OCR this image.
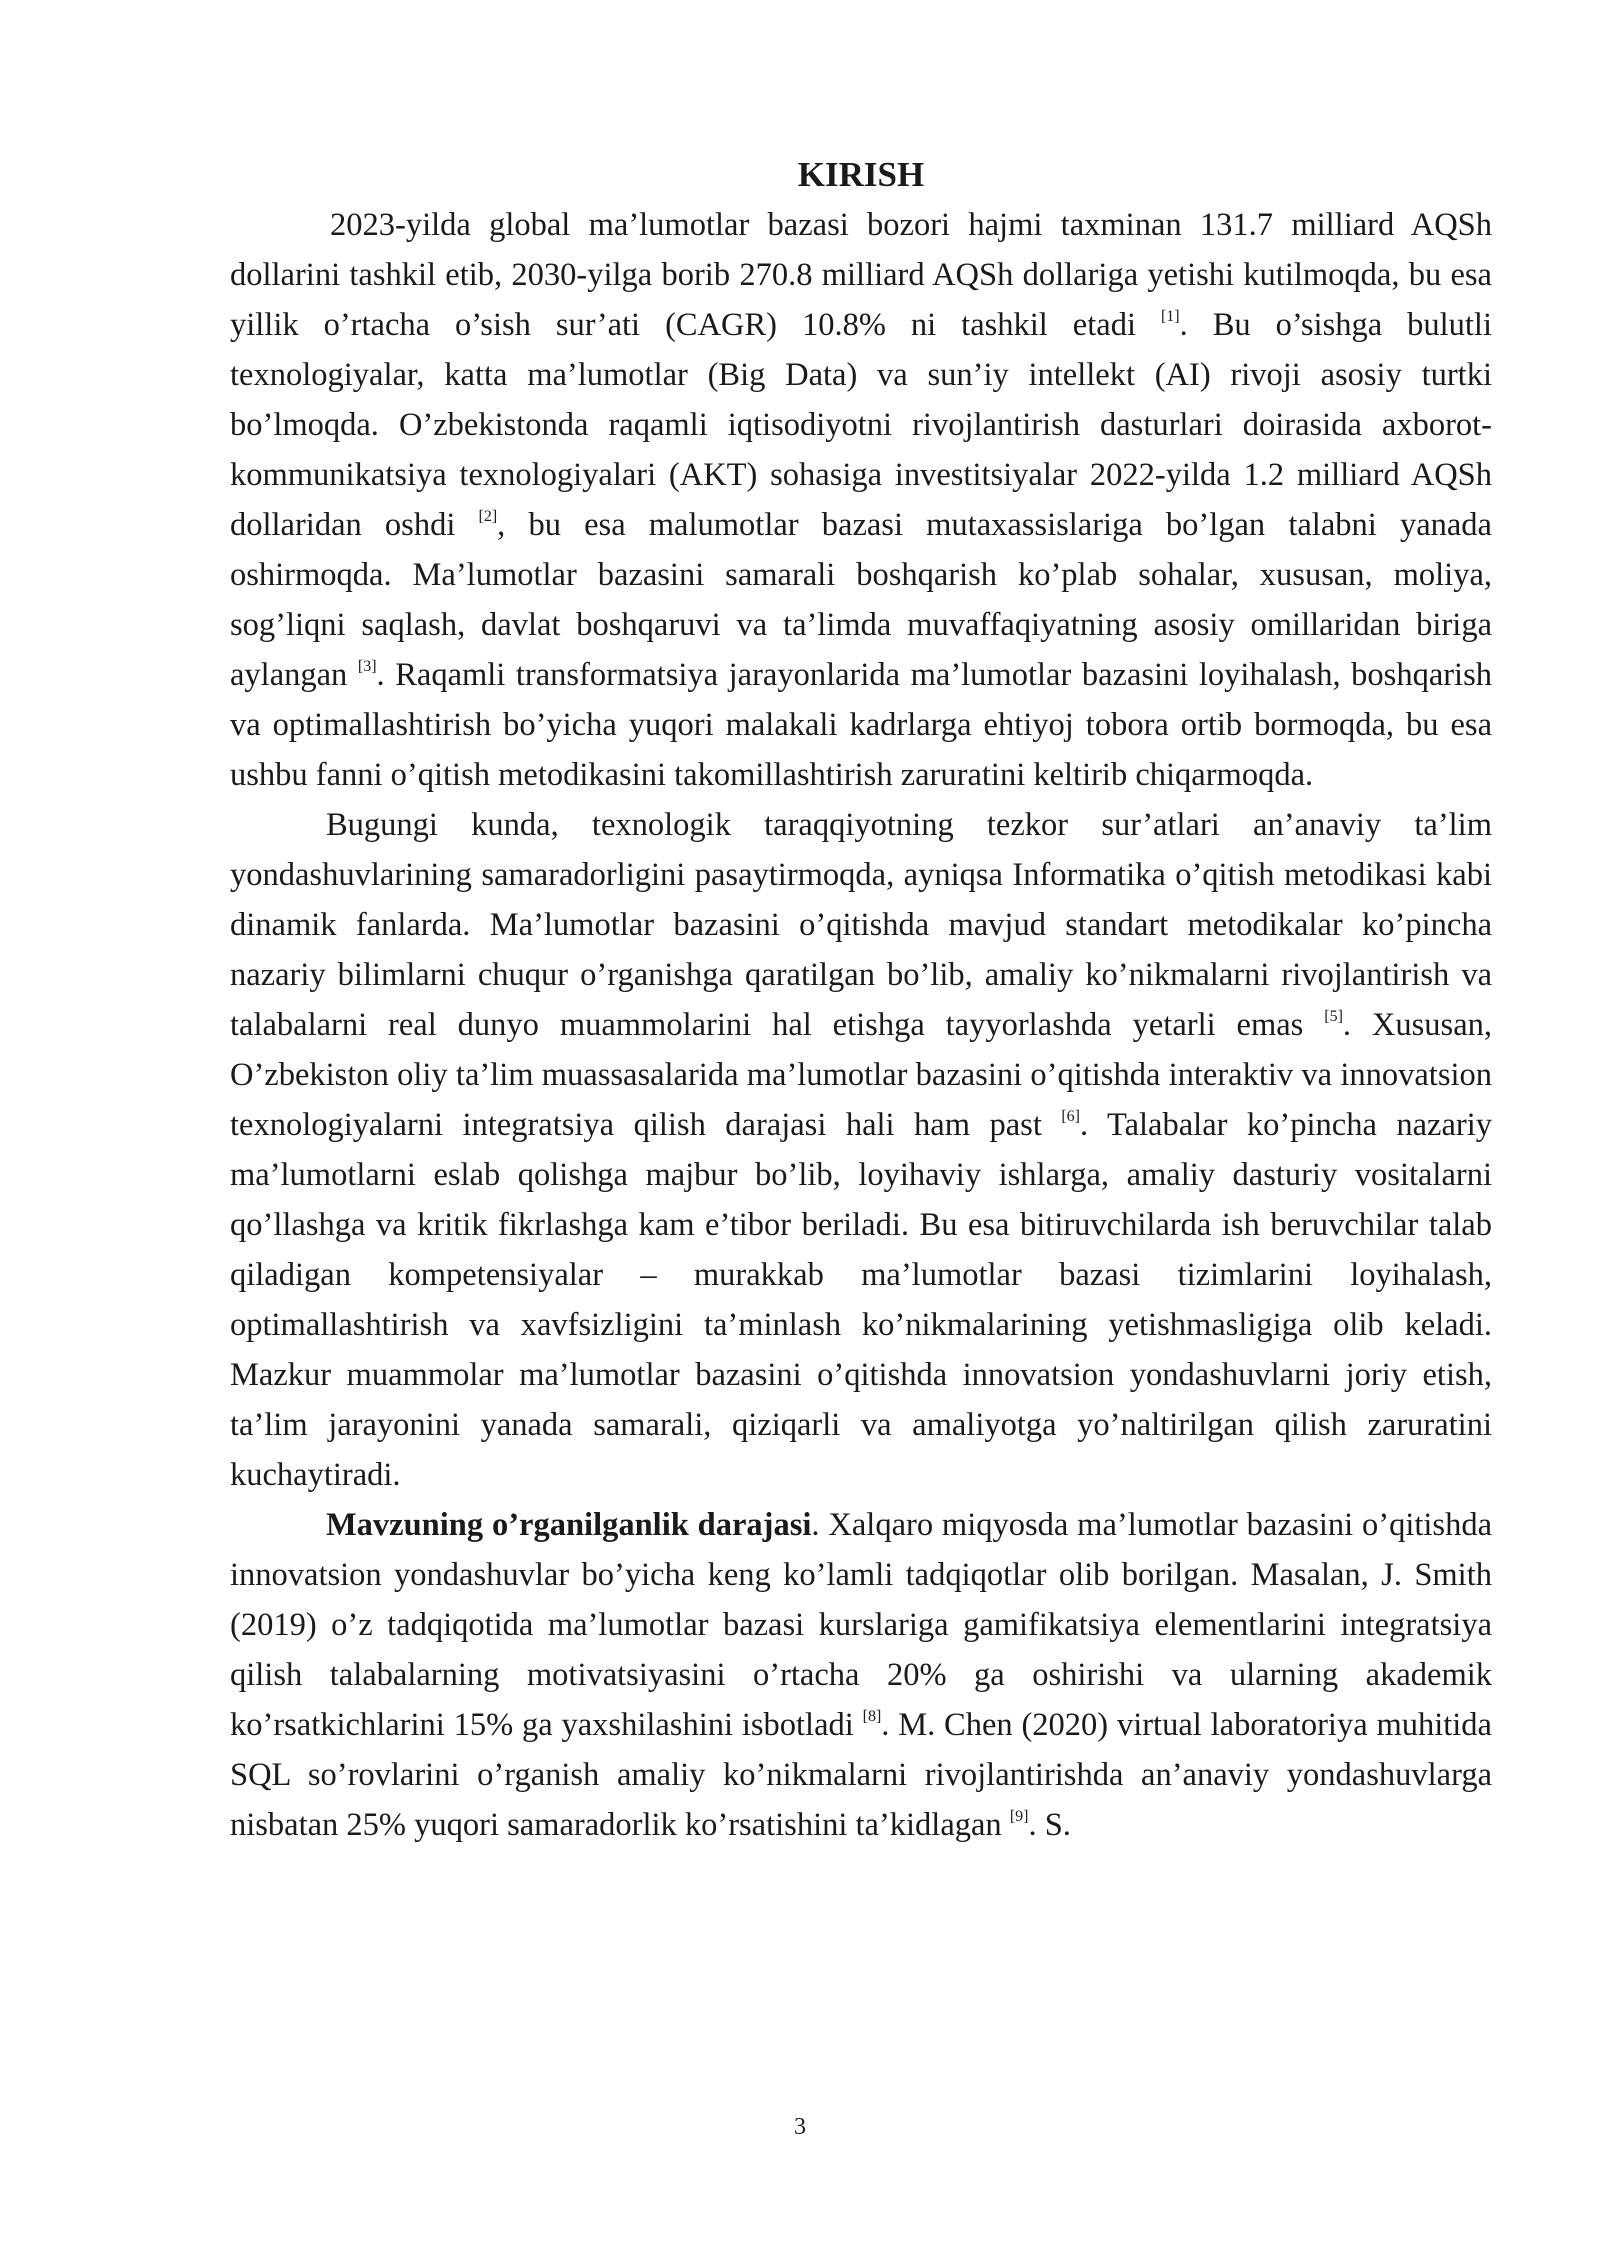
KIRISH

2023-yilda global ma’lumotlar bazasi bozori hajmi taxminan 131.7 milliard AQSh dollarini tashkil etib, 2030-yilga borib 270.8 milliard AQSh dollariga yetishi kutilmoqda, bu esa yillik o’rtacha o’sish sur’ati (CAGR) 10.8% ni tashkil etadi [1]. Bu o’sishga bulutli texnologiyalar, katta ma’lumotlar (Big Data) va sun’iy intellekt (AI) rivoji asosiy turtki bo’lmoqda. O’zbekistonda raqamli iqtisodiyotni rivojlantirish dasturlari doirasida axborot-kommunikatsiya texnologiyalari (AKT) sohasiga investitsiyalar 2022-yilda 1.2 milliard AQSh dollaridan oshdi [2], bu esa malumotlar bazasi mutaxassislariga bo’lgan talabni yanada oshirmoqda. Ma’lumotlar bazasini samarali boshqarish ko’plab sohalar, xususan, moliya, sog’liqni saqlash, davlat boshqaruvi va ta’limda muvaffaqiyatning asosiy omillaridan biriga aylangan [3]. Raqamli transformatsiya jarayonlarida ma’lumotlar bazasini loyihalash, boshqarish va optimallashtirish bo’yicha yuqori malakali kadrlarga ehtiyoj tobora ortib bormoqda, bu esa ushbu fanni o’qitish metodikasini takomillashtirish zaruratini keltirib chiqarmoqda.

Bugungi kunda, texnologik taraqqiyotning tezkor sur’atlari an’anaviy ta’lim yondashuvlarining samaradorligini pasaytirmoqda, ayniqsa Informatika o’qitish metodikasi kabi dinamik fanlarda. Ma’lumotlar bazasini o’qitishda mavjud standart metodikalar ko’pincha nazariy bilimlarni chuqur o’rganishga qaratilgan bo’lib, amaliy ko’nikmalarni rivojlantirish va talabalarni real dunyo muammolarini hal etishga tayyorlashda yetarli emas [5]. Xususan, O’zbekiston oliy ta’lim muassasalarida ma’lumotlar bazasini o’qitishda interaktiv va innovatsion texnologiyalarni integratsiya qilish darajasi hali ham past [6]. Talabalar ko’pincha nazariy ma’lumotlarni eslab qolishga majbur bo’lib, loyihaviy ishlarga, amaliy dasturiy vositalarni qo’llashga va kritik fikrlashga kam e’tibor beriladi. Bu esa bitiruvchilarda ish beruvchilar talab qiladigan kompetensiyalar – murakkab ma’lumotlar bazasi tizimlarini loyihalash, optimallashtirish va xavfsizligini ta’minlash ko’nikmalarining yetishmasligiga olib keladi. Mazkur muammolar ma’lumotlar bazasini o’qitishda innovatsion yondashuvlarni joriy etish, ta’lim jarayonini yanada samarali, qiziqarli va amaliyotga yo’naltirilgan qilish zaruratini kuchaytiradi.

Mavzuning o’rganilganlik darajasi. Xalqaro miqyosda ma’lumotlar bazasini o’qitishda innovatsion yondashuvlar bo’yicha keng ko’lamli tadqiqotlar olib borilgan. Masalan, J. Smith (2019) o’z tadqiqotida ma’lumotlar bazasi kurslariga gamifikatsiya elementlarini integratsiya qilish talabalarning motivatsiyasini o’rtacha 20% ga oshirishi va ularning akademik ko’rsatkichlarini 15% ga yaxshilashini isbotladi [8]. M. Chen (2020) virtual laboratoriya muhitida SQL so’rovlarini o’rganish amaliy ko’nikmalarni rivojlantirishda an’anaviy yondashuvlarga nisbatan 25% yuqori samaradorlik ko’rsatishini ta’kidlagan [9]. S.

3
